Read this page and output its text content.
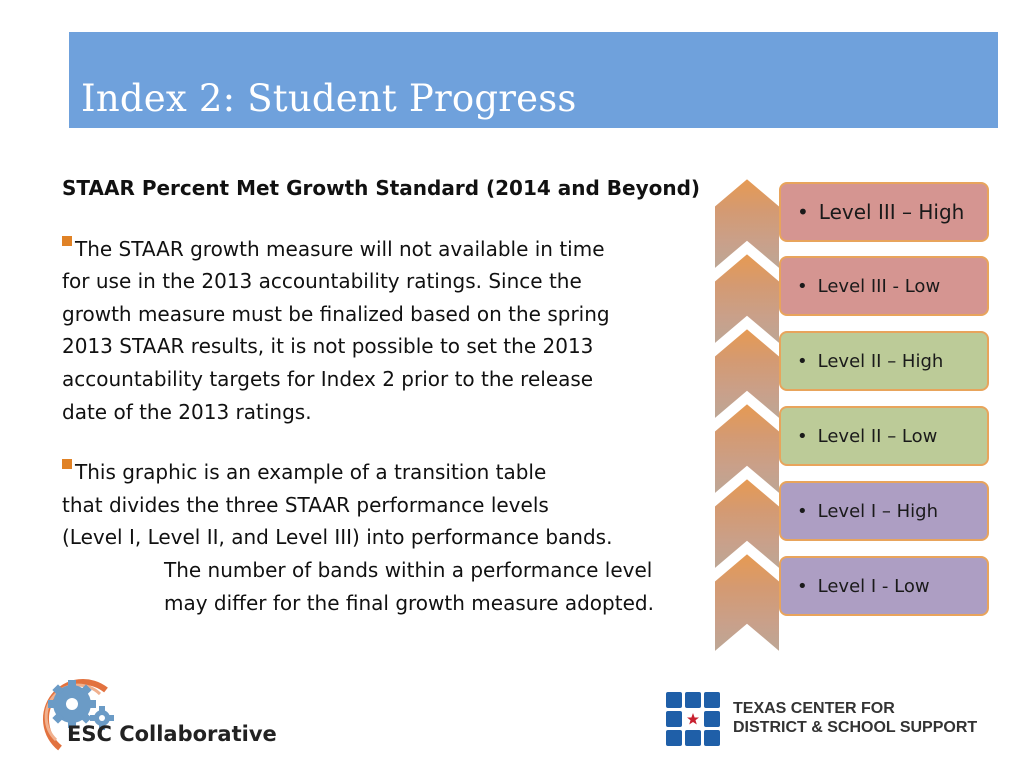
Index 2: Student Progress
STAAR Percent Met Growth Standard (2014 and Beyond)
The STAAR growth measure will not available in time
for use in the 2013 accountability ratings. Since the
growth measure must be finalized based on the spring
2013 STAAR results, it is not possible to set the 2013
accountability targets for Index 2 prior to the release
date of the 2013 ratings.
This graphic is an example of a transition table
that divides the three STAAR performance levels
(Level I, Level II, and Level III) into performance bands.
The number of bands within a performance level
may differ for the final growth measure adopted.
• Level III – High
• Level III - Low
• Level II – High
• Level II – Low
• Level I – High
• Level I - Low
ESC Collaborative
TEXAS CENTER FOR
DISTRICT & SCHOOL SUPPORT
